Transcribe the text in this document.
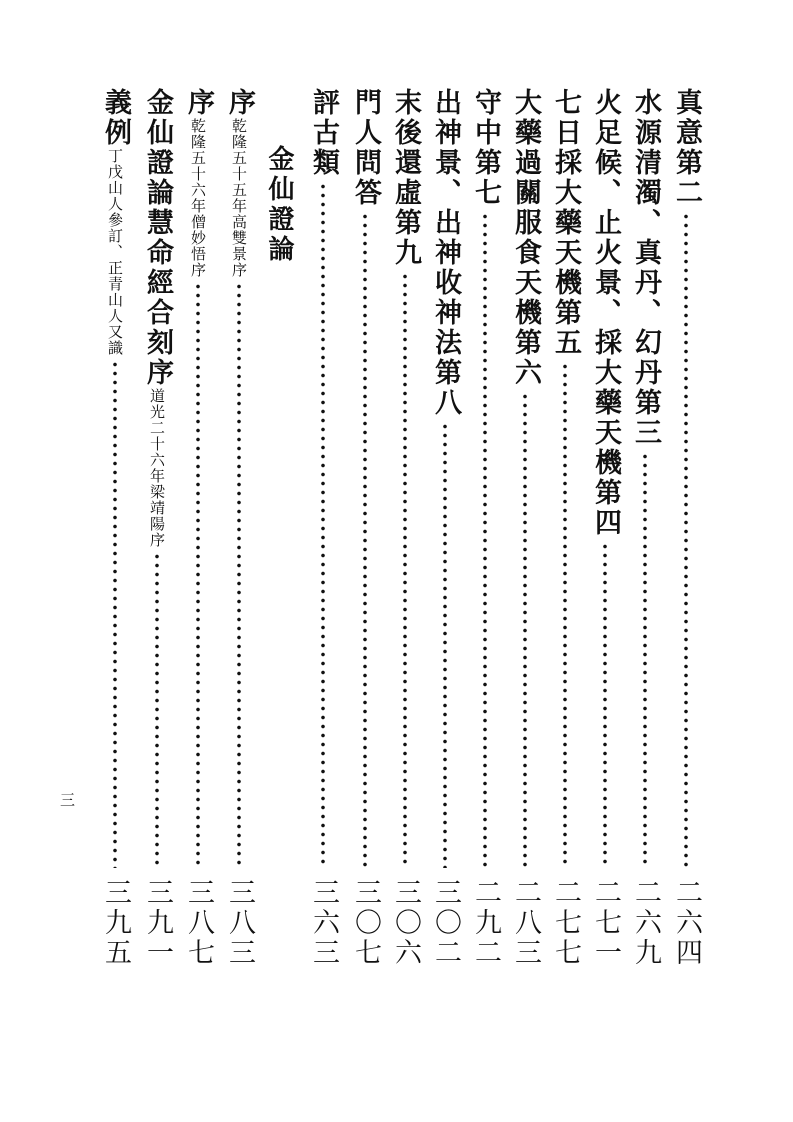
真意第二
二六四
水源清濁、真丹、幻丹第三
二六九
火足候、止火景、採大藥天機第四
二七一
七日採大藥天機第五
二七七
大藥過關服食天機第六
二八三
守中第七
二九二
出神景、出神收神法第八
三〇二
末後還虛第九
三〇六
門人問答
三〇七
評古類
三六三
金仙證論
序乾隆五十五年高雙景序
三八三
序乾隆五十六年僧妙悟序
三八七
金仙證論慧命經合刻序道光二十六年梁靖陽序
三九一
義例丁戊山人參訂、正青山人又識
三九五
三
